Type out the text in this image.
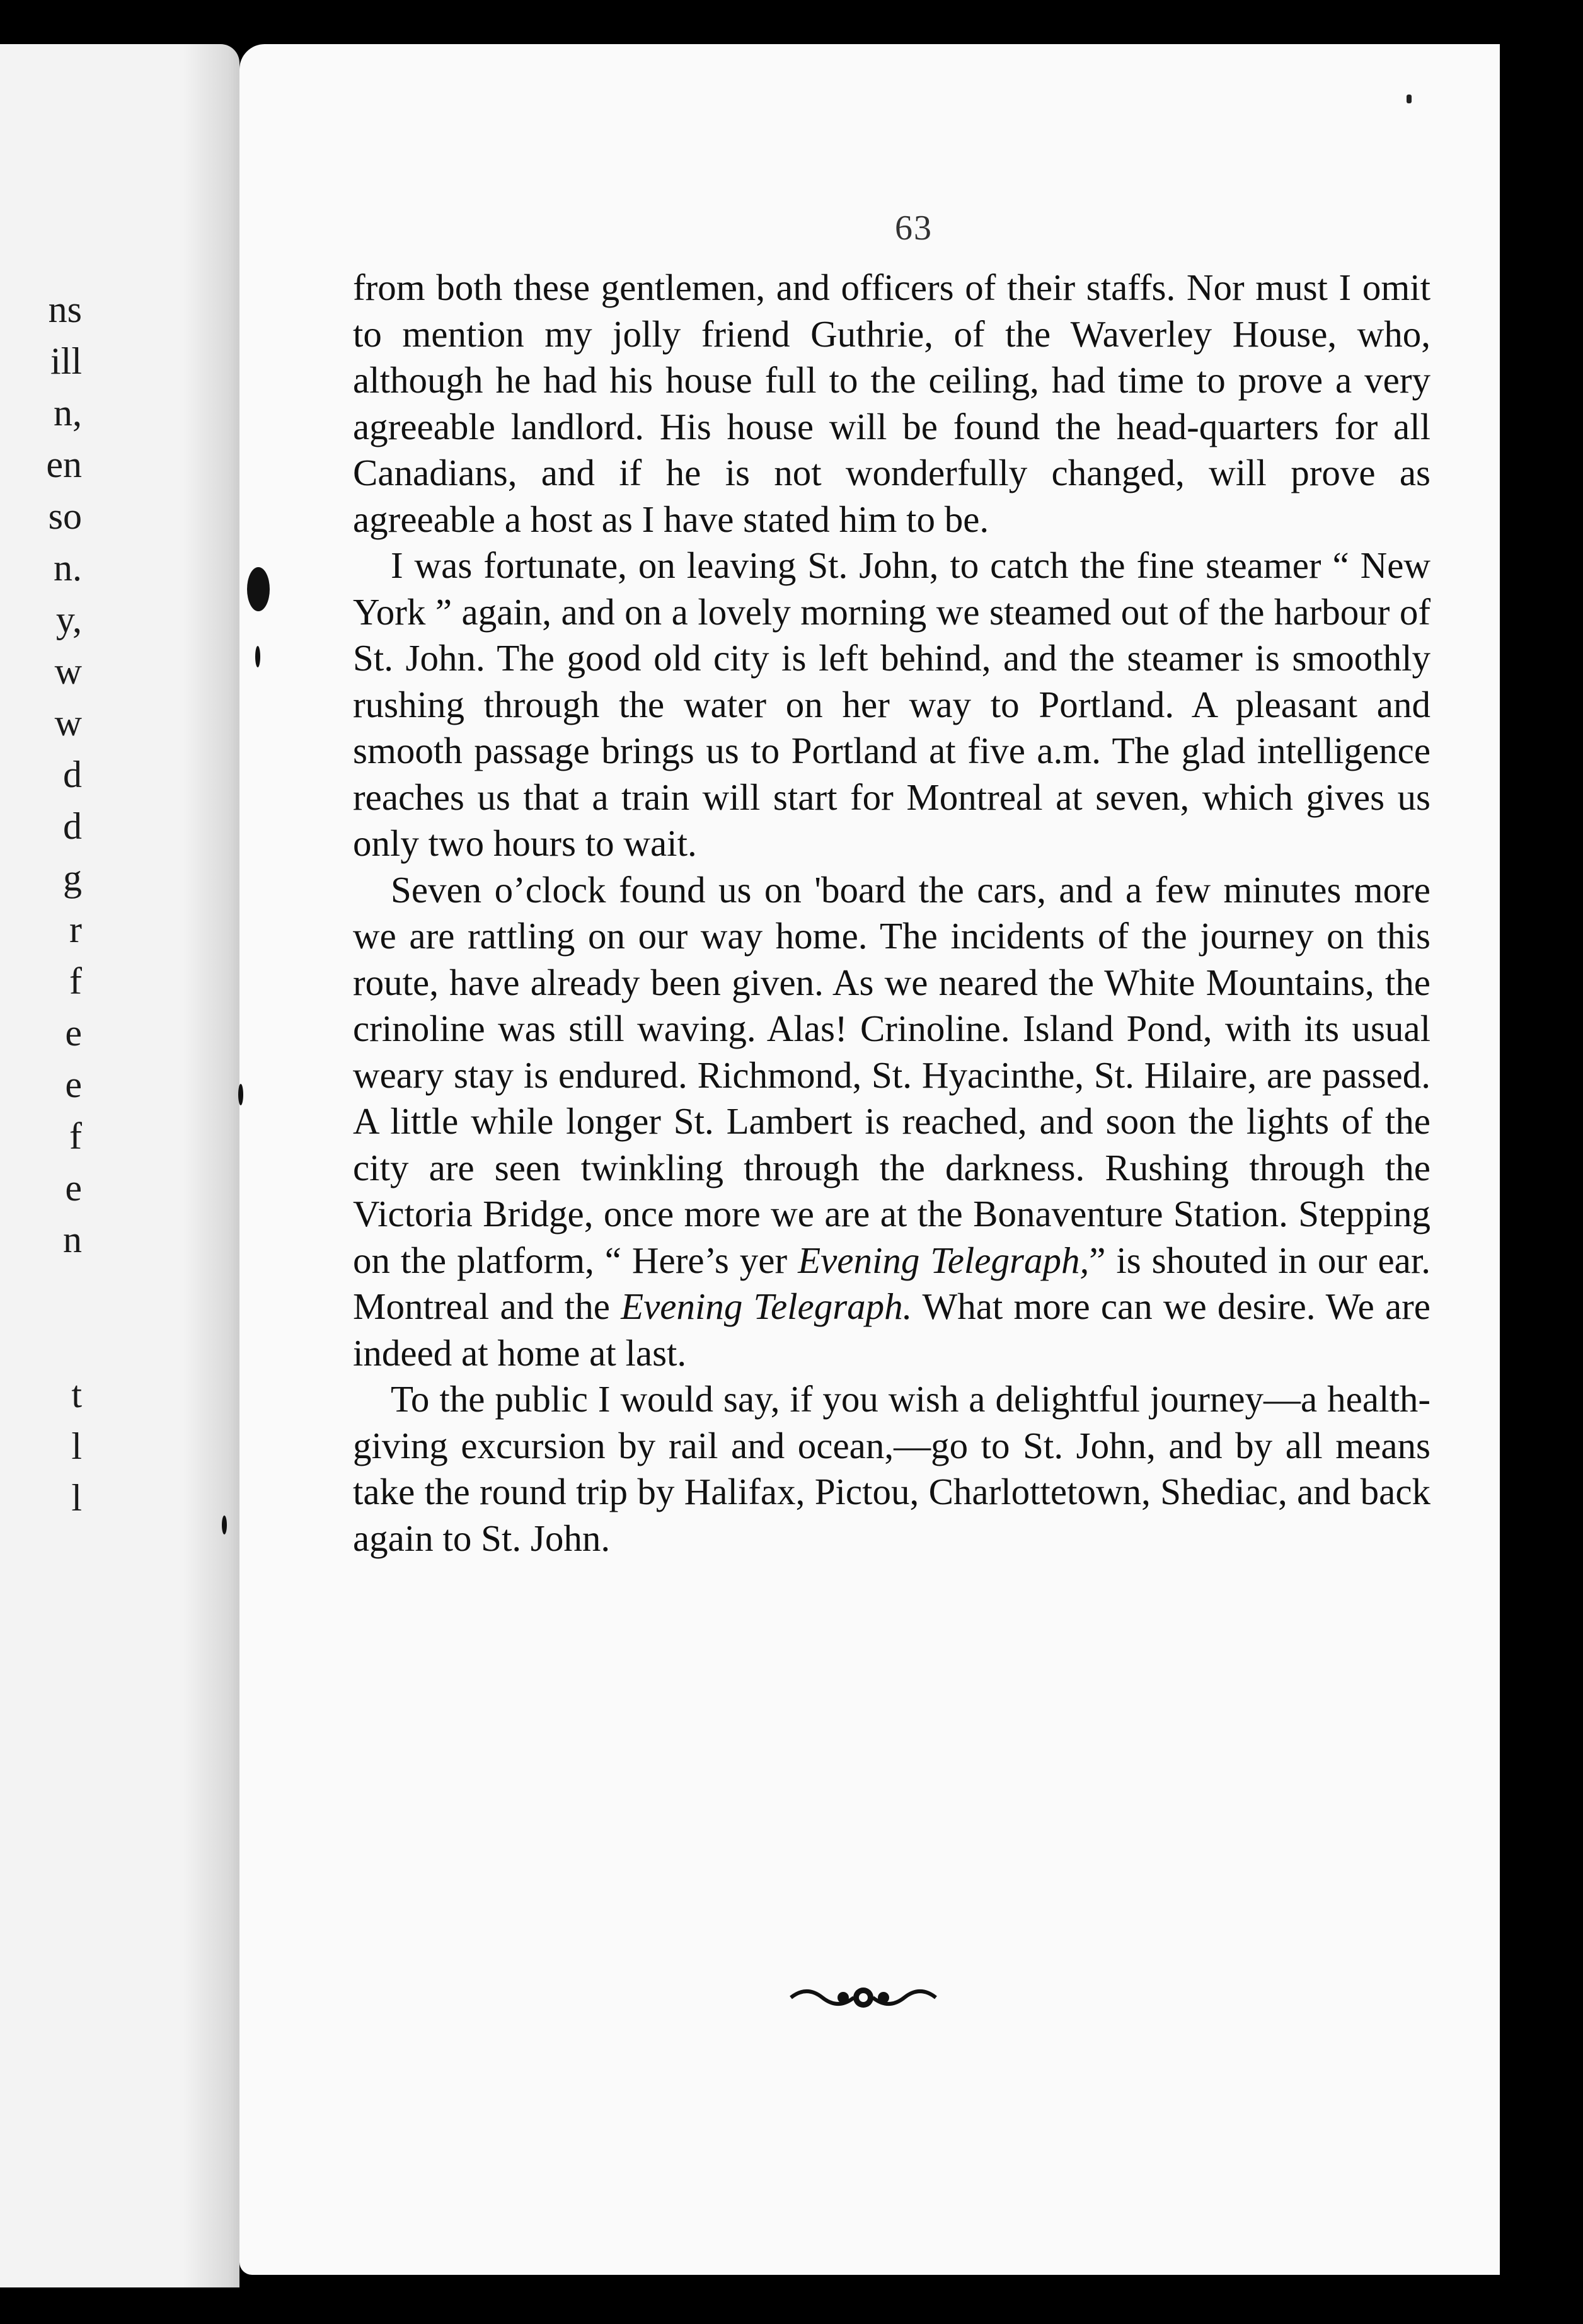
ns
ill
n,
en
so
n.
y,
w
w
d
d
g
r
f
e
e
f
e
n
t
l
l
63

from both these gentlemen, and officers of their staffs. Nor must I omit to mention my jolly friend Guthrie, of the Waverley House, who, although he had his house full to the ceiling, had time to prove a very agreeable landlord. His house will be found the head-quarters for all Canadians, and if he is not wonderfully changed, will prove as agreeable a host as I have stated him to be.

I was fortunate, on leaving St. John, to catch the fine steamer “ New York ” again, and on a lovely morning we steamed out of the harbour of St. John. The good old city is left behind, and the steamer is smoothly rushing through the water on her way to Portland. A pleasant and smooth passage brings us to Portland at five a.m. The glad intelligence reaches us that a train will start for Montreal at seven, which gives us only two hours to wait.

Seven o’clock found us on 'board the cars, and a few minutes more we are rattling on our way home. The incidents of the journey on this route, have already been given. As we neared the White Mountains, the crinoline was still waving. Alas! Crinoline. Island Pond, with its usual weary stay is endured. Richmond, St. Hyacinthe, St. Hilaire, are passed. A little while longer St. Lambert is reached, and soon the lights of the city are seen twinkling through the darkness. Rushing through the Victoria Bridge, once more we are at the Bonaventure Station. Stepping on the platform, “ Here’s yer Evening Telegraph,” is shouted in our ear. Montreal and the Evening Telegraph. What more can we desire. We are indeed at home at last.

To the public I would say, if you wish a delightful journey—a health-giving excursion by rail and ocean,—go to St. John, and by all means take the round trip by Halifax, Pictou, Charlottetown, Shediac, and back again to St. John.
